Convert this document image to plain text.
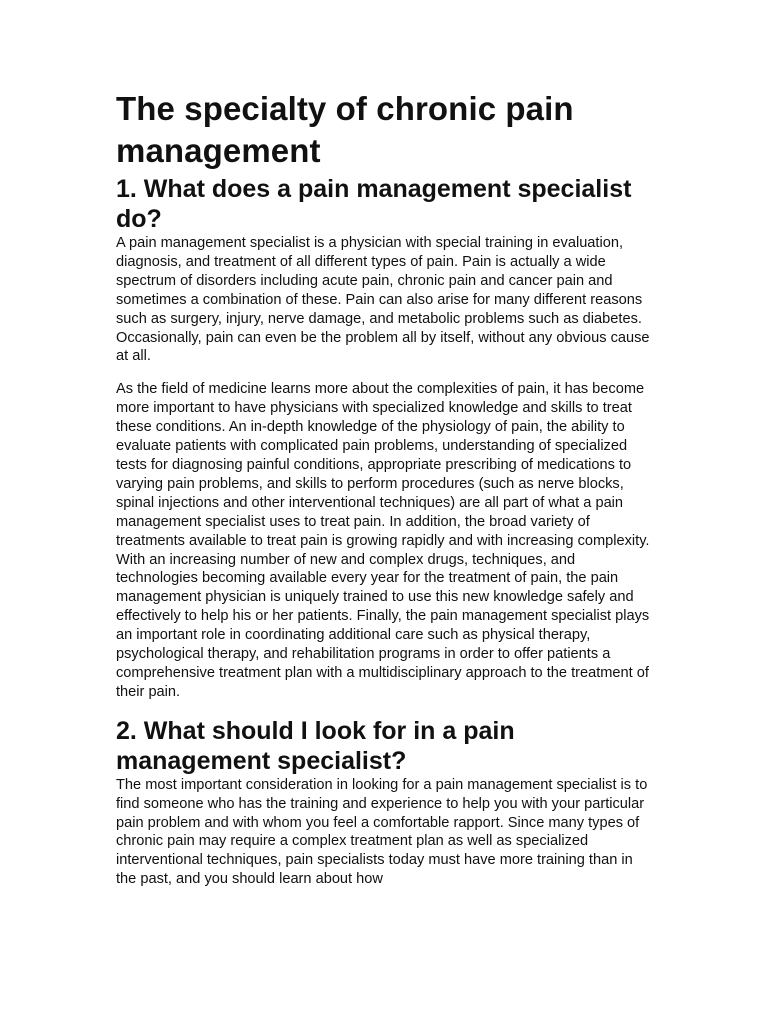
The specialty of chronic pain management
1. What does a pain management specialist do?

A pain management specialist is a physician with special training in evaluation, diagnosis, and treatment of all different types of pain. Pain is actually a wide spectrum of disorders including acute pain, chronic pain and cancer pain and sometimes a combination of these. Pain can also arise for many different reasons such as surgery, injury, nerve damage, and metabolic problems such as diabetes. Occasionally, pain can even be the problem all by itself, without any obvious cause at all.

As the field of medicine learns more about the complexities of pain, it has become more important to have physicians with specialized knowledge and skills to treat these conditions. An in-depth knowledge of the physiology of pain, the ability to evaluate patients with complicated pain problems, understanding of specialized tests for diagnosing painful conditions, appropriate prescribing of medications to varying pain problems, and skills to perform procedures (such as nerve blocks, spinal injections and other interventional techniques) are all part of what a pain management specialist uses to treat pain. In addition, the broad variety of treatments available to treat pain is growing rapidly and with increasing complexity. With an increasing number of new and complex drugs, techniques, and technologies becoming available every year for the treatment of pain, the pain management physician is uniquely trained to use this new knowledge safely and effectively to help his or her patients. Finally, the pain management specialist plays an important role in coordinating additional care such as physical therapy, psychological therapy, and rehabilitation programs in order to offer patients a comprehensive treatment plan with a multidisciplinary approach to the treatment of their pain.

2. What should I look for in a pain management specialist?

The most important consideration in looking for a pain management specialist is to find someone who has the training and experience to help you with your particular pain problem and with whom you feel a comfortable rapport. Since many types of chronic pain may require a complex treatment plan as well as specialized interventional techniques, pain specialists today must have more training than in the past, and you should learn about how
